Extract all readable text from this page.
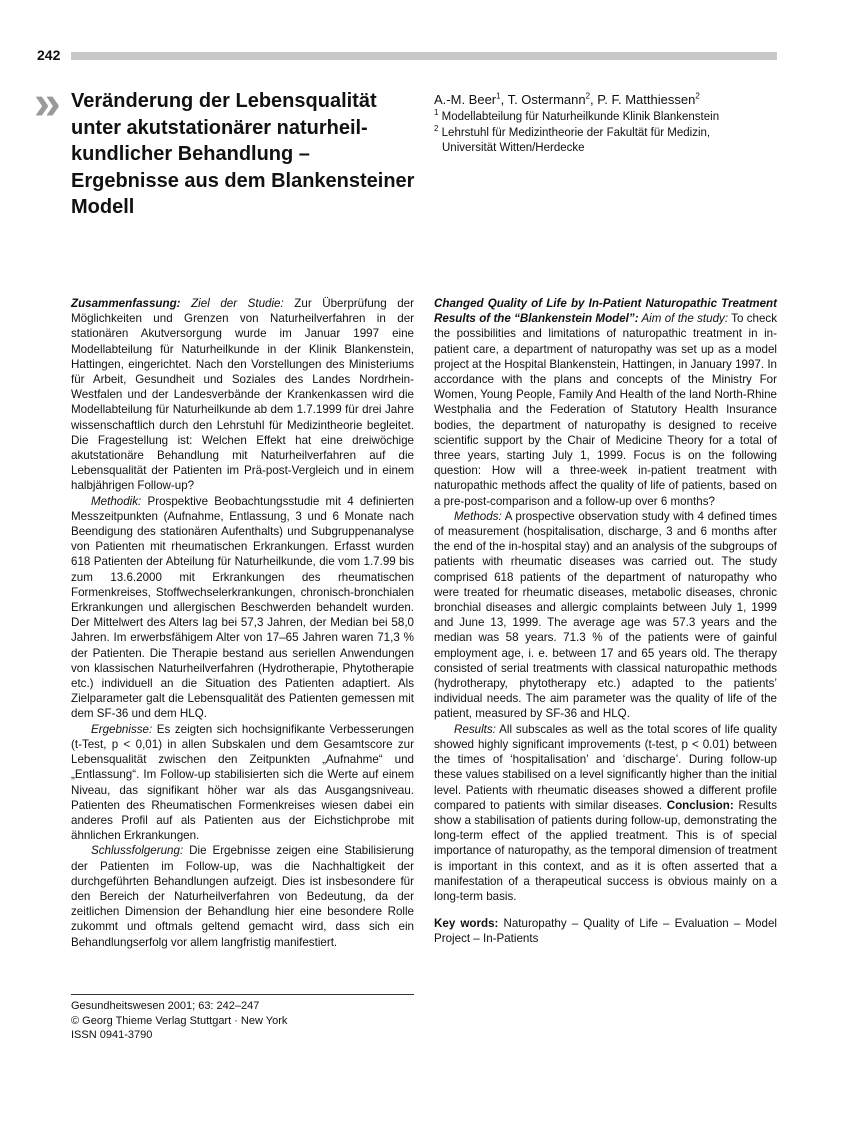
242
» Veränderung der Lebensqualität unter akutstationärer naturheil-kundlicher Behandlung – Ergebnisse aus dem Blankensteiner Modell
A.-M. Beer$^1$, T. Ostermann$^2$, P. F. Matthiessen$^2$
$^1$ Modellabteilung für Naturheilkunde Klinik Blankenstein
$^2$ Lehrstuhl für Medizintheorie der Fakultät für Medizin,
Universität Witten/Herdecke

Zusammenfassung: Ziel der Studie: Zur Überprüfung der Möglichkeiten und Grenzen von Naturheilverfahren in der stationären Akutversorgung wurde im Januar 1997 eine Modellabteilung für Naturheilkunde in der Klinik Blankenstein, Hattingen, eingerichtet. Nach den Vorstellungen des Ministeriums für Arbeit, Gesundheit und Soziales des Landes Nordrhein-Westfalen und der Landesverbände der Krankenkassen wird die Modellabteilung für Naturheilkunde ab dem 1.7.1999 für drei Jahre wissenschaftlich durch den Lehrstuhl für Medizintheorie begleitet. Die Fragestellung ist: Welchen Effekt hat eine dreiwöchige akutstationäre Behandlung mit Naturheilverfahren auf die Lebensqualität der Patienten im Prä-post-Vergleich und in einem halbjährigen Follow-up?

Methodik: Prospektive Beobachtungsstudie mit 4 definierten Messzeitpunkten (Aufnahme, Entlassung, 3 und 6 Monate nach Beendigung des stationären Aufenthalts) und Subgruppenanalyse von Patienten mit rheumatischen Erkrankungen. Erfasst wurden 618 Patienten der Abteilung für Naturheilkunde, die vom 1.7.99 bis zum 13.6.2000 mit Erkrankungen des rheumatischen Formenkreises, Stoffwechselerkrankungen, chronisch-bronchialen Erkrankungen und allergischen Beschwerden behandelt wurden. Der Mittelwert des Alters lag bei 57,3 Jahren, der Median bei 58,0 Jahren. Im erwerbsfähigem Alter von 17–65 Jahren waren 71,3 % der Patienten. Die Therapie bestand aus seriellen Anwendungen von klassischen Naturheilverfahren (Hydrotherapie, Phytotherapie etc.) individuell an die Situation des Patienten adaptiert. Als Zielparameter galt die Lebensqualität des Patienten gemessen mit dem SF-36 und dem HLQ.

Ergebnisse: Es zeigten sich hochsignifikante Verbesserungen (t-Test, p < 0,01) in allen Subskalen und dem Gesamtscore zur Lebensqualität zwischen den Zeitpunkten „Aufnahme“ und „Entlassung“. Im Follow-up stabilisierten sich die Werte auf einem Niveau, das signifikant höher war als das Ausgangsniveau. Patienten des Rheumatischen Formenkreises wiesen dabei ein anderes Profil auf als Patienten aus der Eichstichprobe mit ähnlichen Erkrankungen.

Schlussfolgerung: Die Ergebnisse zeigen eine Stabilisierung der Patienten im Follow-up, was die Nachhaltigkeit der durchgeführten Behandlungen aufzeigt. Dies ist insbesondere für den Bereich der Naturheilverfahren von Bedeutung, da der zeitlichen Dimension der Behandlung hier eine besondere Rolle zukommt und oftmals geltend gemacht wird, dass sich ein Behandlungserfolg vor allem langfristig manifestiert.

Changed Quality of Life by In-Patient Naturopathic Treatment Results of the “Blankenstein Model”: Aim of the study: To check the possibilities and limitations of naturopathic treatment in in-patient care, a department of naturopathy was set up as a model project at the Hospital Blankenstein, Hattingen, in January 1997. In accordance with the plans and concepts of the Ministry For Women, Young People, Family And Health of the land North-Rhine Westphalia and the Federation of Statutory Health Insurance bodies, the department of naturopathy is designed to receive scientific support by the Chair of Medicine Theory for a total of three years, starting July 1, 1999. Focus is on the following question: How will a three-week in-patient treatment with naturopathic methods affect the quality of life of patients, based on a pre-post-comparison and a follow-up over 6 months?

Methods: A prospective observation study with 4 defined times of measurement (hospitalisation, discharge, 3 and 6 months after the end of the in-hospital stay) and an analysis of the subgroups of patients with rheumatic diseases was carried out. The study comprised 618 patients of the department of naturopathy who were treated for rheumatic diseases, metabolic diseases, chronic bronchial diseases and allergic complaints between July 1, 1999 and June 13, 1999. The average age was 57.3 years and the median was 58 years. 71.3 % of the patients were of gainful employment age, i. e. between 17 and 65 years old. The therapy consisted of serial treatments with classical naturopathic methods (hydrotherapy, phytotherapy etc.) adapted to the patients’ individual needs. The aim parameter was the quality of life of the patient, measured by SF-36 and HLQ.

Results: All subscales as well as the total scores of life quality showed highly significant improvements (t-test, p < 0.01) between the times of ‘hospitalisation’ and ‘discharge’. During follow-up these values stabilised on a level significantly higher than the initial level. Patients with rheumatic diseases showed a different profile compared to patients with similar diseases. Conclusion: Results show a stabilisation of patients during follow-up, demonstrating the long-term effect of the applied treatment. This is of special importance of naturopathy, as the temporal dimension of treatment is important in this context, and as it is often asserted that a manifestation of a therapeutical success is obvious mainly on a long-term basis.

Key words: Naturopathy – Quality of Life – Evaluation – Model Project – In-Patients

Gesundheitswesen 2001; 63: 242–247
© Georg Thieme Verlag Stuttgart · New York
ISSN 0941-3790
